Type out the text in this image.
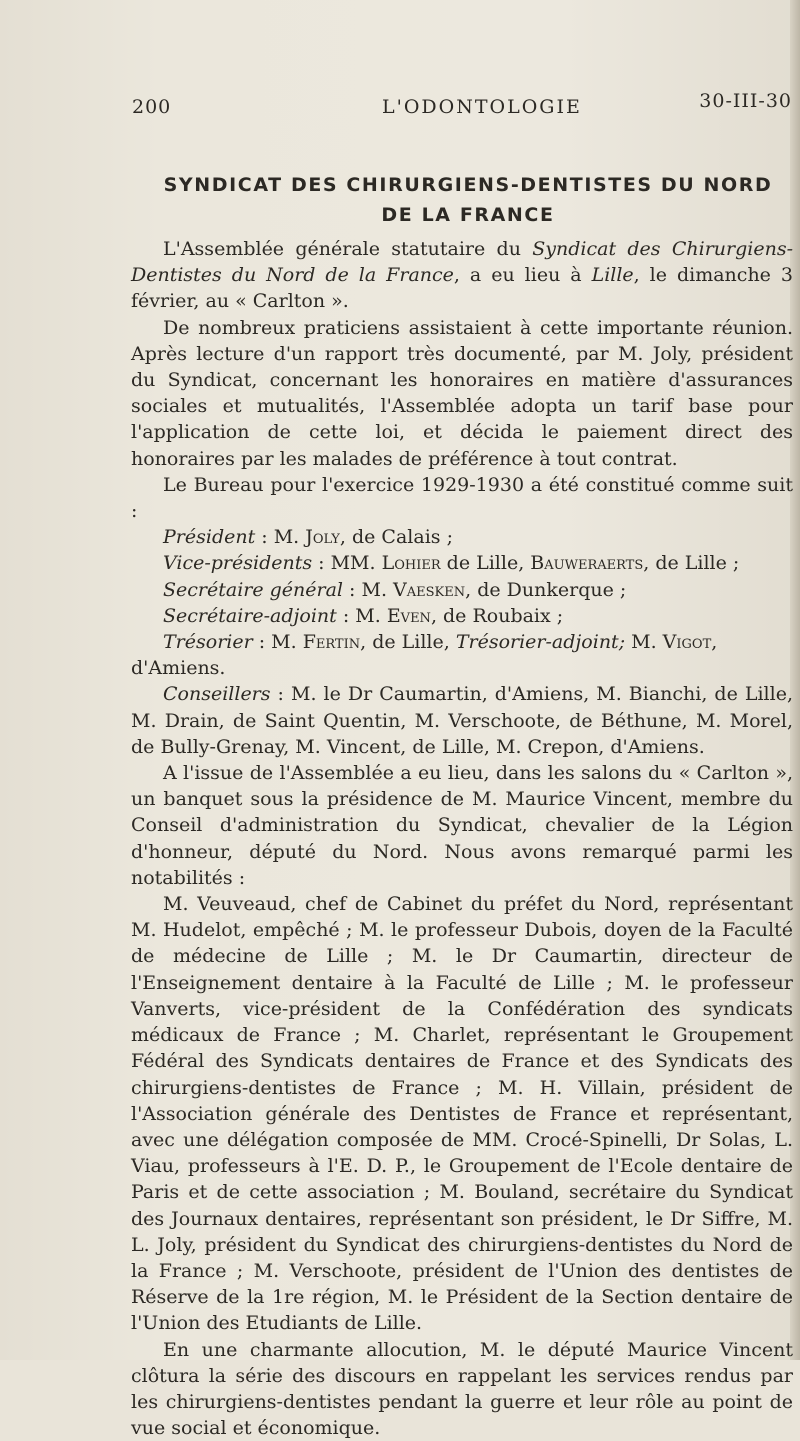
200	L'ODONTOLOGIE	30-III-30
SYNDICAT DES CHIRURGIENS-DENTISTES DU NORD
DE LA FRANCE

L'Assemblée générale statutaire du Syndicat des Chirurgiens-Dentistes du Nord de la France, a eu lieu à Lille, le dimanche 3 février, au « Carlton ».

De nombreux praticiens assistaient à cette importante réunion. Après lecture d'un rapport très documenté, par M. Joly, président du Syndicat, concernant les honoraires en matière d'assurances sociales et mutualités, l'Assemblée adopta un tarif base pour l'application de cette loi, et décida le paiement direct des honoraires par les malades de préférence à tout contrat.

Le Bureau pour l'exercice 1929-1930 a été constitué comme suit :

Président : M. Joly, de Calais ;

Vice-présidents : MM. Lohier de Lille, Bauweraerts, de Lille ;

Secrétaire général : M. Vaesken, de Dunkerque ;

Secrétaire-adjoint : M. Even, de Roubaix ;

Trésorier : M. Fertin, de Lille, Trésorier-adjoint; M. Vigot, d'Amiens.

Conseillers : M. le Dr Caumartin, d'Amiens, M. Bianchi, de Lille, M. Drain, de Saint Quentin, M. Verschoote, de Béthune, M. Morel, de Bully-Grenay, M. Vincent, de Lille, M. Crepon, d'Amiens.

A l'issue de l'Assemblée a eu lieu, dans les salons du « Carlton », un banquet sous la présidence de M. Maurice Vincent, membre du Conseil d'administration du Syndicat, chevalier de la Légion d'honneur, député du Nord. Nous avons remarqué parmi les notabilités :

M. Veuveaud, chef de Cabinet du préfet du Nord, représentant M. Hudelot, empêché ; M. le professeur Dubois, doyen de la Faculté de médecine de Lille ; M. le Dr Caumartin, directeur de l'Enseignement dentaire à la Faculté de Lille ; M. le professeur Vanverts, vice-président de la Confédération des syndicats médicaux de France ; M. Charlet, représentant le Groupement Fédéral des Syndicats dentaires de France et des Syndicats des chirurgiens-dentistes de France ; M. H. Villain, président de l'Association générale des Dentistes de France et représentant, avec une délégation composée de MM. Crocé-Spinelli, Dr Solas, L. Viau, professeurs à l'E. D. P., le Groupement de l'Ecole dentaire de Paris et de cette association ; M. Bouland, secrétaire du Syndicat des Journaux dentaires, représentant son président, le Dr Siffre, M. L. Joly, président du Syndicat des chirurgiens-dentistes du Nord de la France ; M. Verschoote, président de l'Union des dentistes de Réserve de la 1re région, M. le Président de la Section dentaire de l'Union des Etudiants de Lille.

En une charmante allocution, M. le député Maurice Vincent clôtura la série des discours en rappelant les services rendus par les chirurgiens-dentistes pendant la guerre et leur rôle au point de vue social et économique.
